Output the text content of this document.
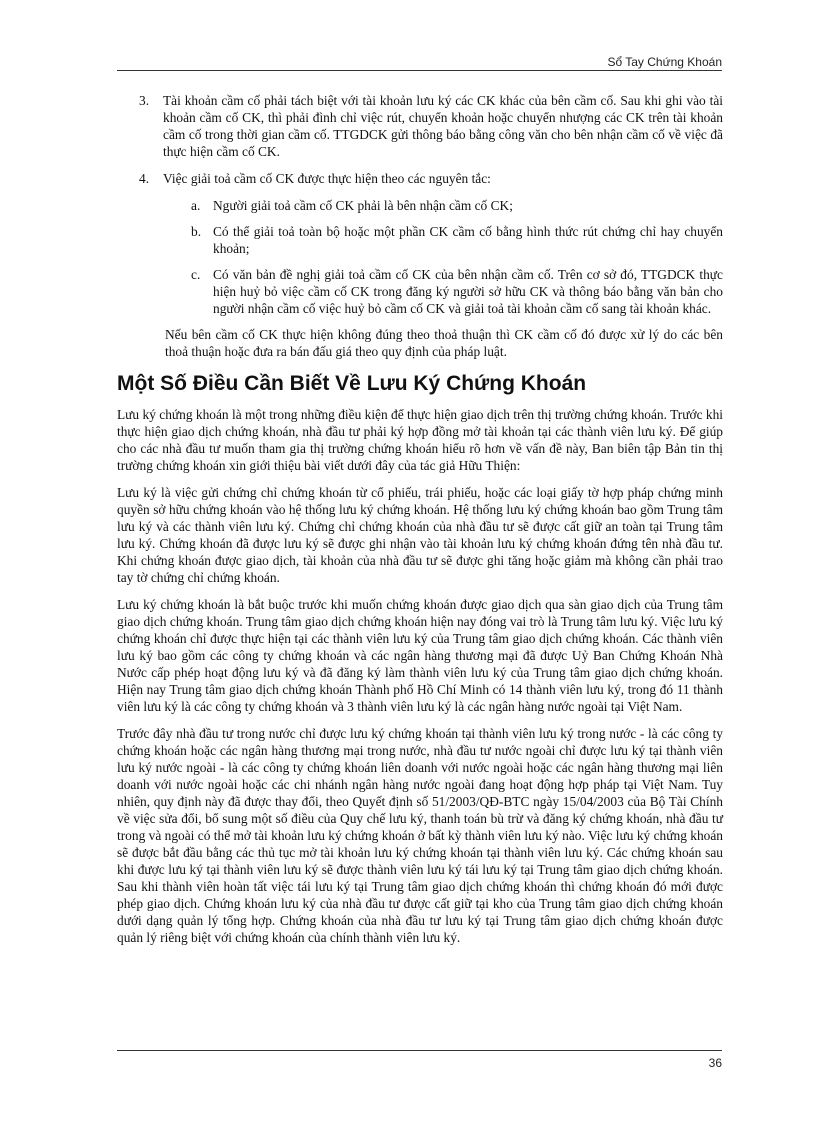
Sổ Tay Chứng Khoán
3.	Tài khoản cầm cố phải tách biệt với tài khoản lưu ký các CK khác của bên cầm cố. Sau khi ghi vào tài khoản cầm cố CK, thì phải đình chỉ việc rút, chuyển khoản hoặc chuyển nhượng các CK trên tài khoản cầm cố trong thời gian cầm cố. TTGDCK gửi thông báo bằng công văn cho bên nhận cầm cố về việc đã thực hiện cầm cố CK.
4.	Việc giải toả cầm cố CK được thực hiện theo các nguyên tắc:
a. Người giải toả cầm cố CK phải là bên nhận cầm cố CK;
b. Có thể giải toả toàn bộ hoặc một phần CK cầm cố bằng hình thức rút chứng chỉ hay chuyển khoản;
c. Có văn bản đề nghị giải toả cầm cố CK của bên nhận cầm cố. Trên cơ sở đó, TTGDCK thực hiện huỷ bỏ việc cầm cố CK trong đăng ký người sở hữu CK và thông báo bằng văn bản cho người nhận cầm cố việc huỷ bỏ cầm cố CK và giải toả tài khoản cầm cố sang tài khoản khác.

Nếu bên cầm cố CK thực hiện không đúng theo thoả thuận thì CK cầm cố đó được xử lý do các bên thoả thuận hoặc đưa ra bán đấu giá theo quy định của pháp luật.

Một Số Điều Cần Biết Về Lưu Ký Chứng Khoán

Lưu ký chứng khoán là một trong những điều kiện để thực hiện giao dịch trên thị trường chứng khoán. Trước khi thực hiện giao dịch chứng khoán, nhà đầu tư phải ký hợp đồng mở tài khoản tại các thành viên lưu ký. Để giúp cho các nhà đầu tư muốn tham gia thị trường chứng khoán hiểu rõ hơn về vấn đề này, Ban biên tập Bản tin thị trường chứng khoán xin giới thiệu bài viết dưới đây của tác giả Hữu Thiện:

Lưu ký là việc gửi chứng chỉ chứng khoán từ cổ phiếu, trái phiếu, hoặc các loại giấy tờ hợp pháp chứng minh quyền sở hữu chứng khoán vào hệ thống lưu ký chứng khoán. Hệ thống lưu ký chứng khoán bao gồm Trung tâm lưu ký và các thành viên lưu ký. Chứng chỉ chứng khoán của nhà đầu tư sẽ được cất giữ an toàn tại Trung tâm lưu ký. Chứng khoán đã được lưu ký sẽ được ghi nhận vào tài khoản lưu ký chứng khoán đứng tên nhà đầu tư. Khi chứng khoán được giao dịch, tài khoản của nhà đầu tư sẽ được ghi tăng hoặc giảm mà không cần phải trao tay tờ chứng chỉ chứng khoán.

Lưu ký chứng khoán là bắt buộc trước khi muốn chứng khoán được giao dịch qua sàn giao dịch của Trung tâm giao dịch chứng khoán. Trung tâm giao dịch chứng khoán hiện nay đóng vai trò là Trung tâm lưu ký. Việc lưu ký chứng khoán chỉ được thực hiện tại các thành viên lưu ký của Trung tâm giao dịch chứng khoán. Các thành viên lưu ký bao gồm các công ty chứng khoán và các ngân hàng thương mại đã được Uỷ Ban Chứng Khoán Nhà Nước cấp phép hoạt động lưu ký và đã đăng ký làm thành viên lưu ký của Trung tâm giao dịch chứng khoán. Hiện nay Trung tâm giao dịch chứng khoán Thành phố Hồ Chí Minh có 14 thành viên lưu ký, trong đó 11 thành viên lưu ký là các công ty chứng khoán và 3 thành viên lưu ký là các ngân hàng nước ngoài tại Việt Nam.

Trước đây nhà đầu tư trong nước chỉ được lưu ký chứng khoán tại thành viên lưu ký trong nước - là các công ty chứng khoán hoặc các ngân hàng thương mại trong nước, nhà đầu tư nước ngoài chỉ được lưu ký tại thành viên lưu ký nước ngoài - là các công ty chứng khoán liên doanh với nước ngoài hoặc các ngân hàng thương mại liên doanh với nước ngoài hoặc các chi nhánh ngân hàng nước ngoài đang hoạt động hợp pháp tại Việt Nam. Tuy nhiên, quy định này đã được thay đổi, theo Quyết định số 51/2003/QĐ-BTC ngày 15/04/2003 của Bộ Tài Chính về việc sửa đổi, bổ sung một số điều của Quy chế lưu ký, thanh toán bù trừ và đăng ký chứng khoán, nhà đầu tư trong và ngoài có thể mở tài khoản lưu ký chứng khoán ở bất kỳ thành viên lưu ký nào. Việc lưu ký chứng khoán sẽ được bắt đầu bằng các thủ tục mở tài khoản lưu ký chứng khoán tại thành viên lưu ký. Các chứng khoán sau khi được lưu ký tại thành viên lưu ký sẽ được thành viên lưu ký tái lưu ký tại Trung tâm giao dịch chứng khoán. Sau khi thành viên hoàn tất việc tái lưu ký tại Trung tâm giao dịch chứng khoán thì chứng khoán đó mới được phép giao dịch. Chứng khoán lưu ký của nhà đầu tư được cất giữ tại kho của Trung tâm giao dịch chứng khoán dưới dạng quản lý tổng hợp. Chứng khoán của nhà đầu tư lưu ký tại Trung tâm giao dịch chứng khoán được quản lý riêng biệt với chứng khoán của chính thành viên lưu ký.

36
